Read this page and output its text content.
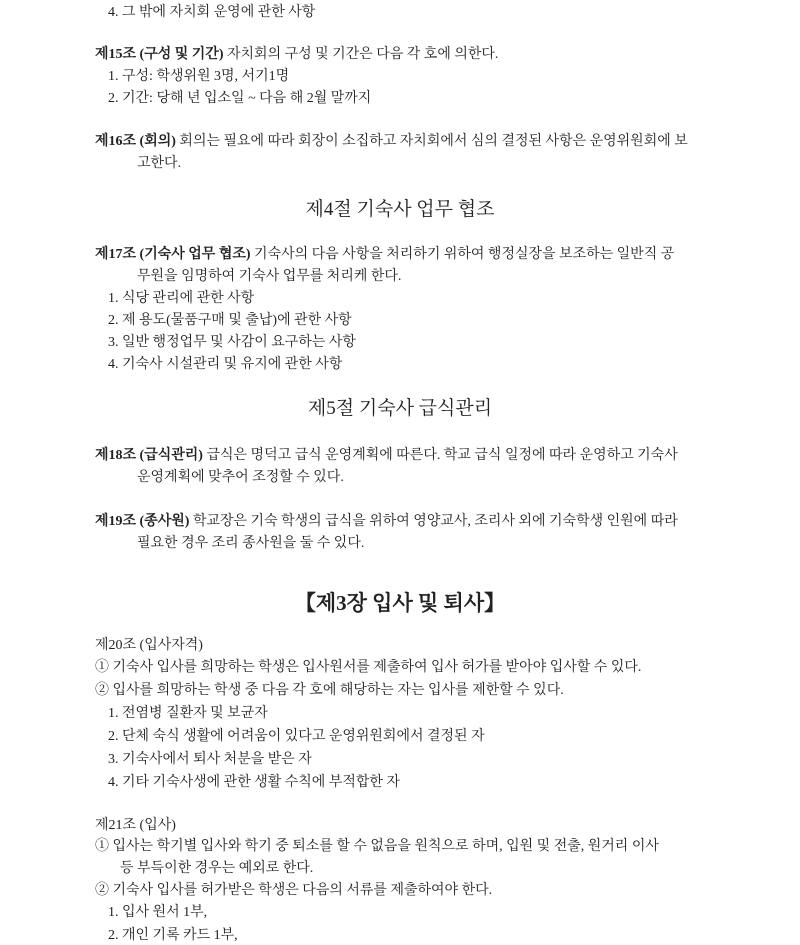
4. 그 밖에 자치회 운영에 관한 사항
제15조 (구성 및 기간) 자치회의 구성 및 기간은 다음 각 호에 의한다.
1. 구성: 학생위원 3명, 서기1명
2. 기간: 당해 년 입소일 ~ 다음 해 2월 말까지
제16조 (회의) 회의는 필요에 따라 회장이 소집하고 자치회에서 심의 결정된 사항은 운영위원회에 보
고한다.
제4절 기숙사 업무 협조
제17조 (기숙사 업무 협조) 기숙사의 다음 사항을 처리하기 위하여 행정실장을 보조하는 일반직 공
무원을 임명하여 기숙사 업무를 처리케 한다.
1. 식당 관리에 관한 사항
2. 제 용도(물품구매 및 출납)에 관한 사항
3. 일반 행정업무 및 사감이 요구하는 사항
4. 기숙사 시설관리 및 유지에 관한 사항
제5절 기숙사 급식관리
제18조 (급식관리) 급식은 명덕고 급식 운영계획에 따른다. 학교 급식 일정에 따라 운영하고 기숙사
운영계획에 맞추어 조정할 수 있다.
제19조 (종사원) 학교장은 기숙 학생의 급식을 위하여 영양교사, 조리사 외에 기숙학생 인원에 따라
필요한 경우 조리 종사원을 둘 수 있다.
【제3장 입사 및 퇴사】
제20조 (입사자격)
① 기숙사 입사를 희망하는 학생은 입사원서를 제출하여 입사 허가를 받아야 입사할 수 있다.
② 입사를 희망하는 학생 중 다음 각 호에 해당하는 자는 입사를 제한할 수 있다.
1. 전염병 질환자 및 보균자
2. 단체 숙식 생활에 어려움이 있다고 운영위원회에서 결정된 자
3. 기숙사에서 퇴사 처분을 받은 자
4. 기타 기숙사생에 관한 생활 수칙에 부적합한 자
제21조 (입사)
① 입사는 학기별 입사와 학기 중 퇴소를 할 수 없음을 원칙으로 하며, 입원 및 전출, 원거리 이사
등 부득이한 경우는 예외로 한다.
② 기숙사 입사를 허가받은 학생은 다음의 서류를 제출하여야 한다.
1. 입사 원서 1부,
2. 개인 기록 카드 1부,
